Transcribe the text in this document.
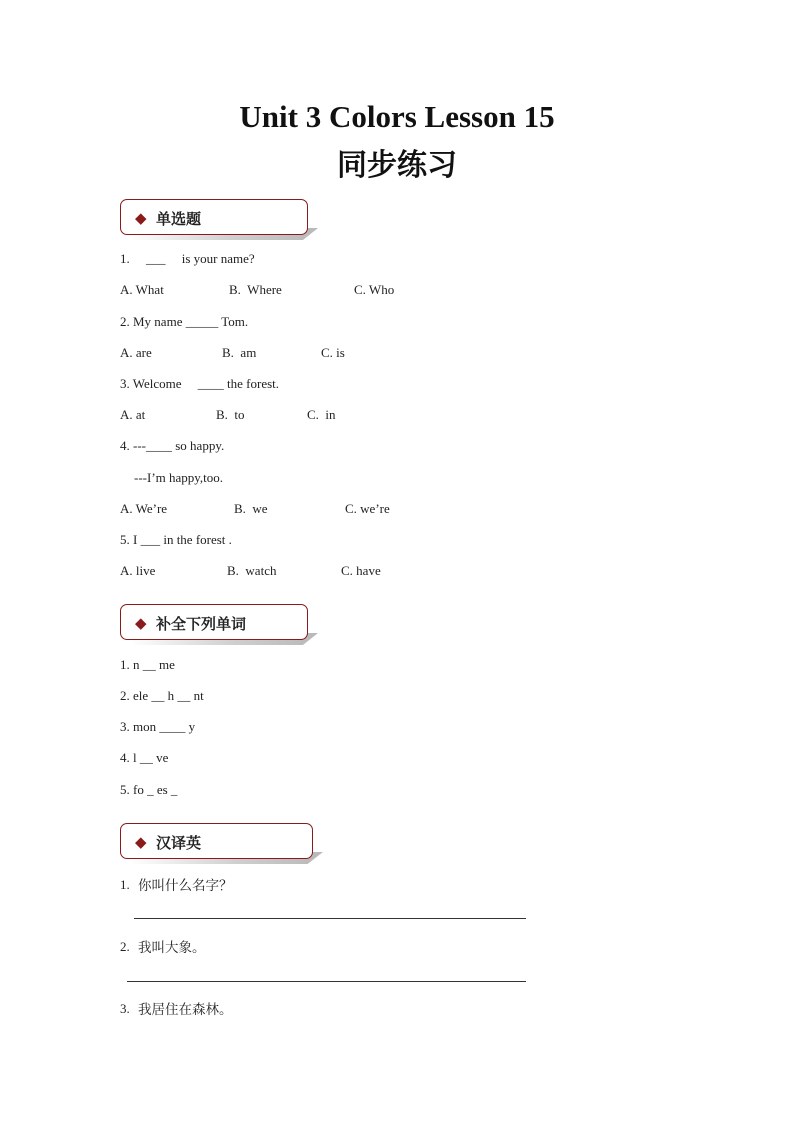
Unit 3 Colors Lesson 15
同步练习
◆ 单选题
1.     ___     is your name?
A. What	B.  Where	C. Who
2. My name _____ Tom.
A. are	B.  am	C. is
3. Welcome     ____ the forest.
A. at	B.  to	C.  in
4. ---____ so happy.
---I’m happy,too.
A. We’re	B.  we	C. we’re
5. I ___ in the forest .
A. live	B.  watch	C. have
◆ 补全下列单词
1. n __ me
2. ele __ h __ nt
3. mon ____ y
4. l __ ve
5. fo _ es _
◆ 汉译英
1. 你叫什么名字？
2. 我叫大象。
3. 我居住在森林。
